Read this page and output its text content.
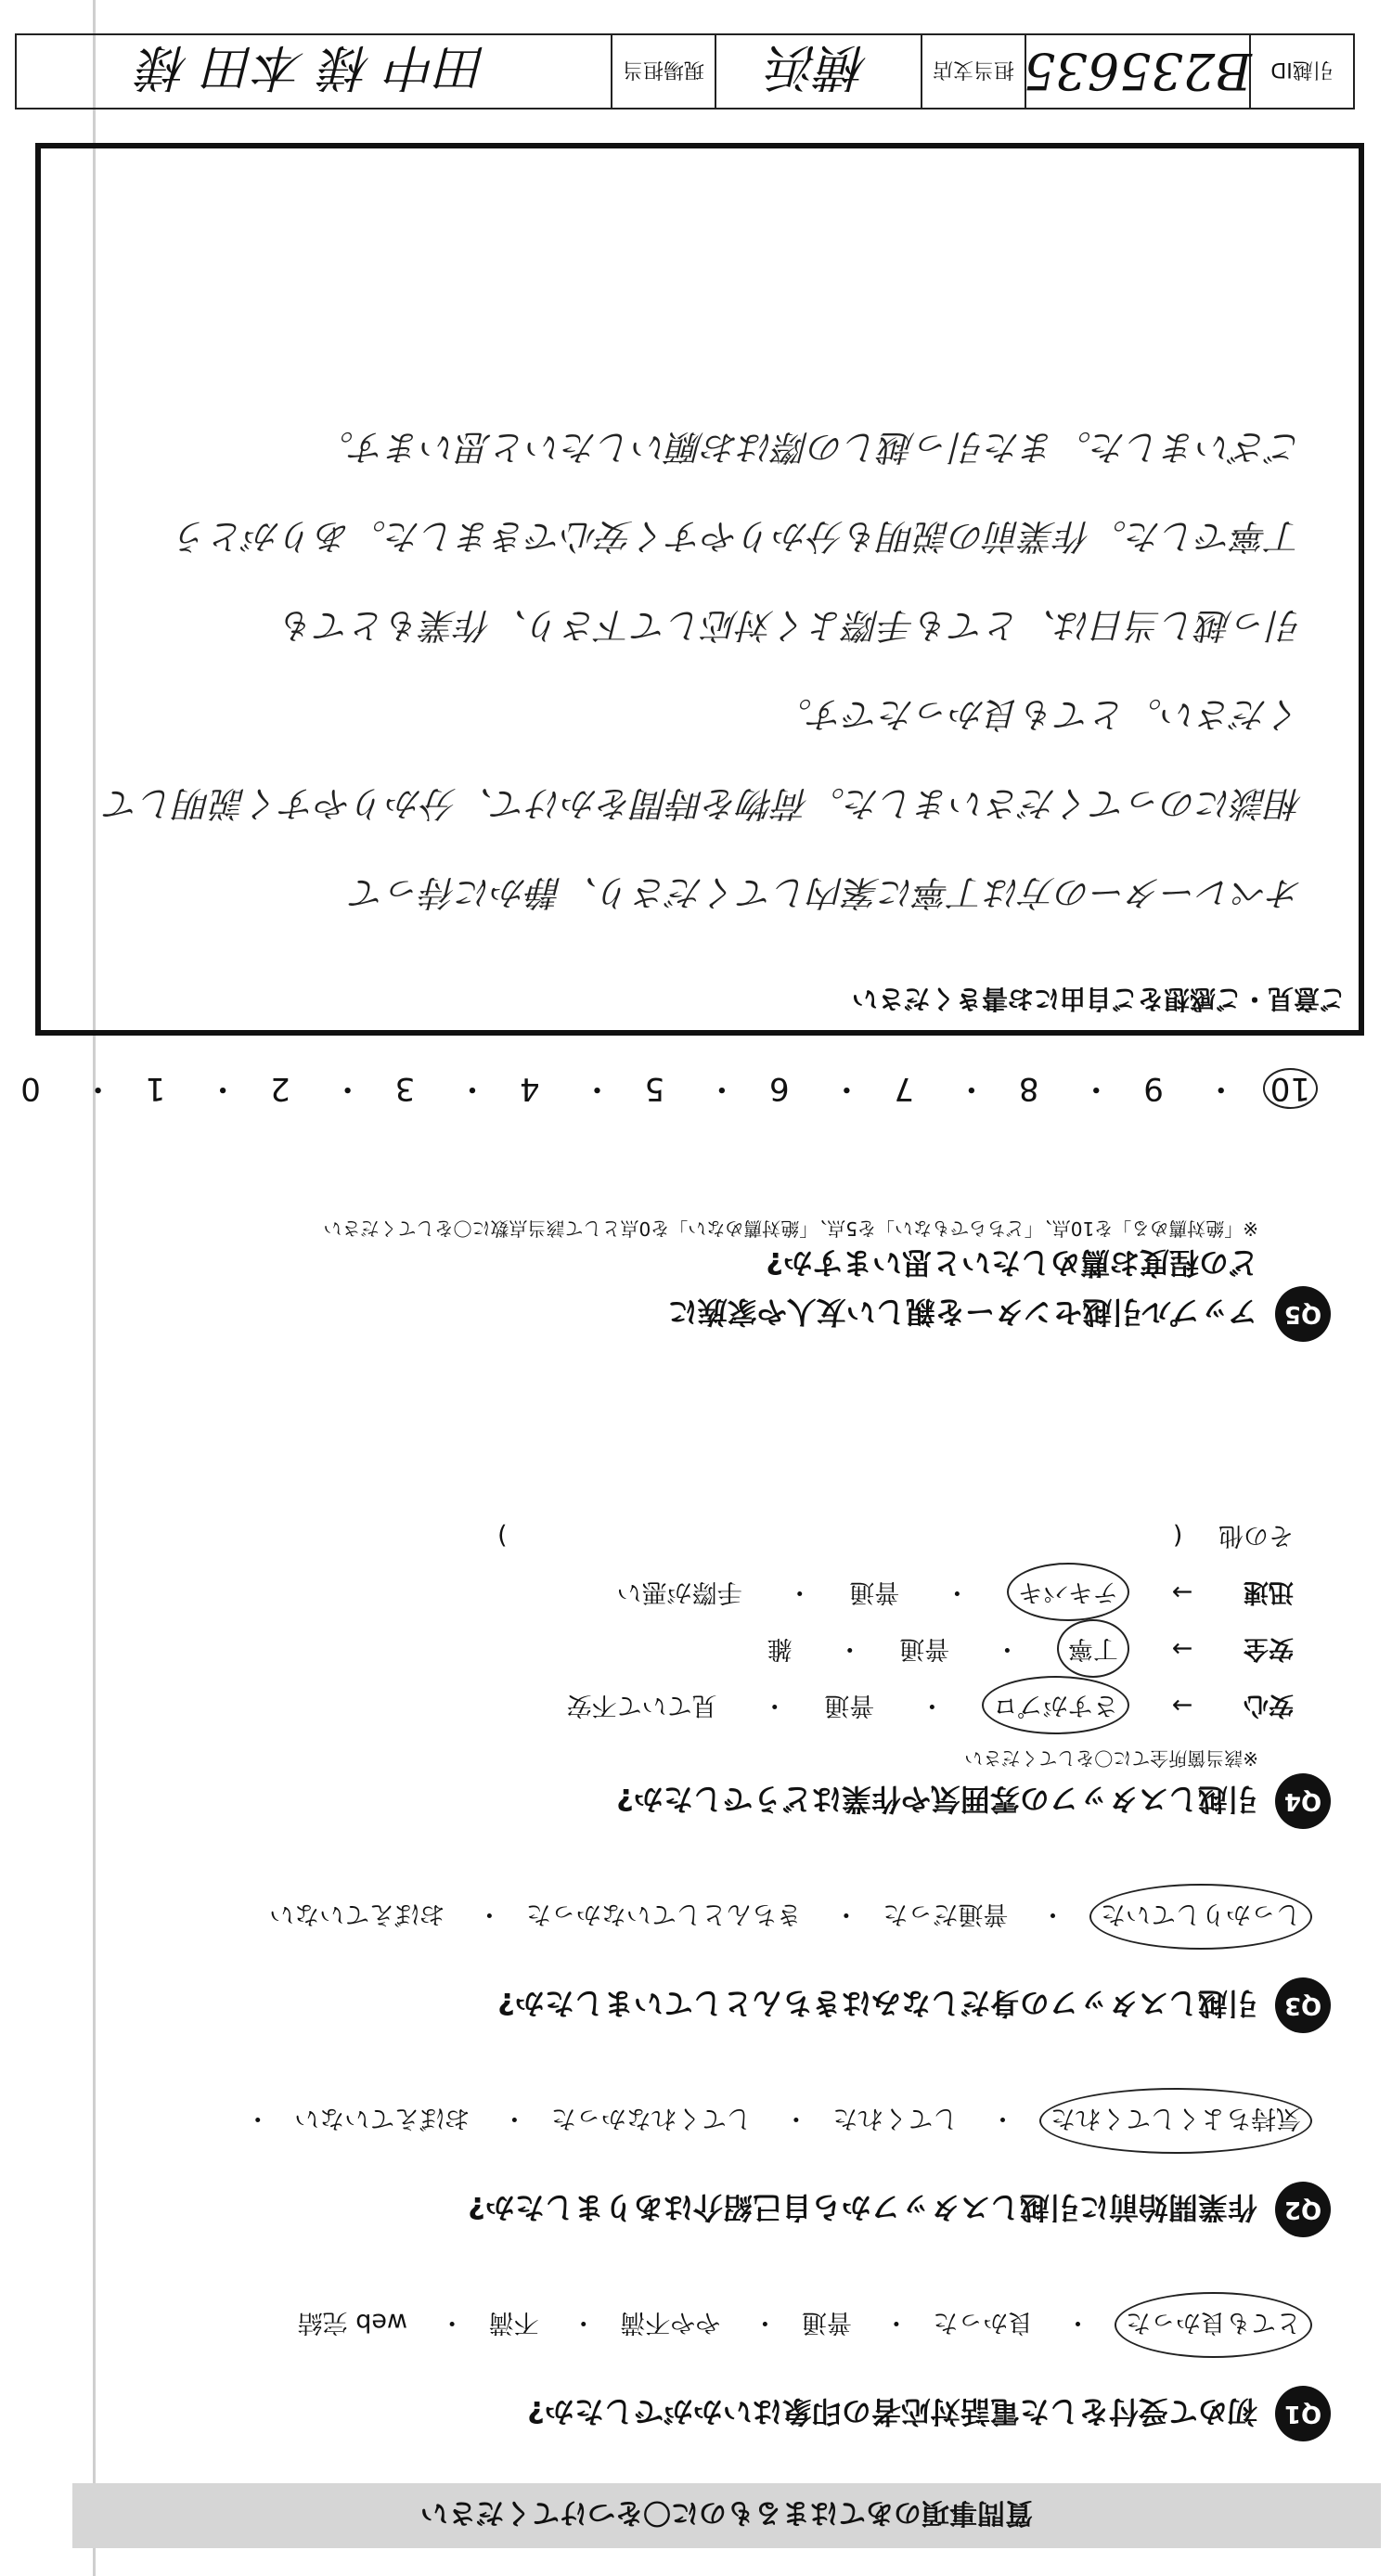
引越ID
B235635
担当支店
横浜
現場担当
田中 様 本田 様
質問事項のあてはまるものに〇をつけてください
Q1 初めて受付をした電話対応者の印象はいかがでしたか?
とても良かった・ 良かった・ 普通・ やや不満・ 不満・ web 完結
Q2 作業開始前に引越しスタッフから自己紹介はありましたか?
気持ちよくしてくれた・ してくれた・ してくれなかった・ おぼえていない・
Q3 引越しスタッフの身だしなみはきちんとしていましたか?
しっかりしていた・ 普通だった・ きちんとしていなかった・ おぼえていない
Q4 引越しスタッフの雰囲気や作業はどうでしたか?
※該当箇所全てに〇をしてください
安心 → さすがプロ・ 普通・ 見ていて不安
安全 → 丁寧・ 普通・ 雑
迅速 → テキパキ・ 普通・ 手際が悪い
その他 (  )
Q5 アップル引越センターを親しい友人や家族に
どの程度お薦めしたいと思いますか?
※「絶対薦める」を10点、「どちらでもない」を5点、「絶対薦めない」を0点として該当点数に〇をしてください
10・ 9・ 8・ 7・ 6・ 5・ 4・ 3・ 2・ 1・ 0
ご意見・ご感想をご自由にお書きください
オペレーターの方は丁寧に案内してくださり、静かに待って
相談にのってくださいました。荷物を時間をかけて、分かりやすく説明して
ください。とても良かったです。
引っ越し当日は、とても手際よく対応して下さり、作業もとても
丁寧でした。作業前の説明も分かりやすく安心できました。ありがとう
ございました。また引っ越しの際はお願いしたいと思います。
